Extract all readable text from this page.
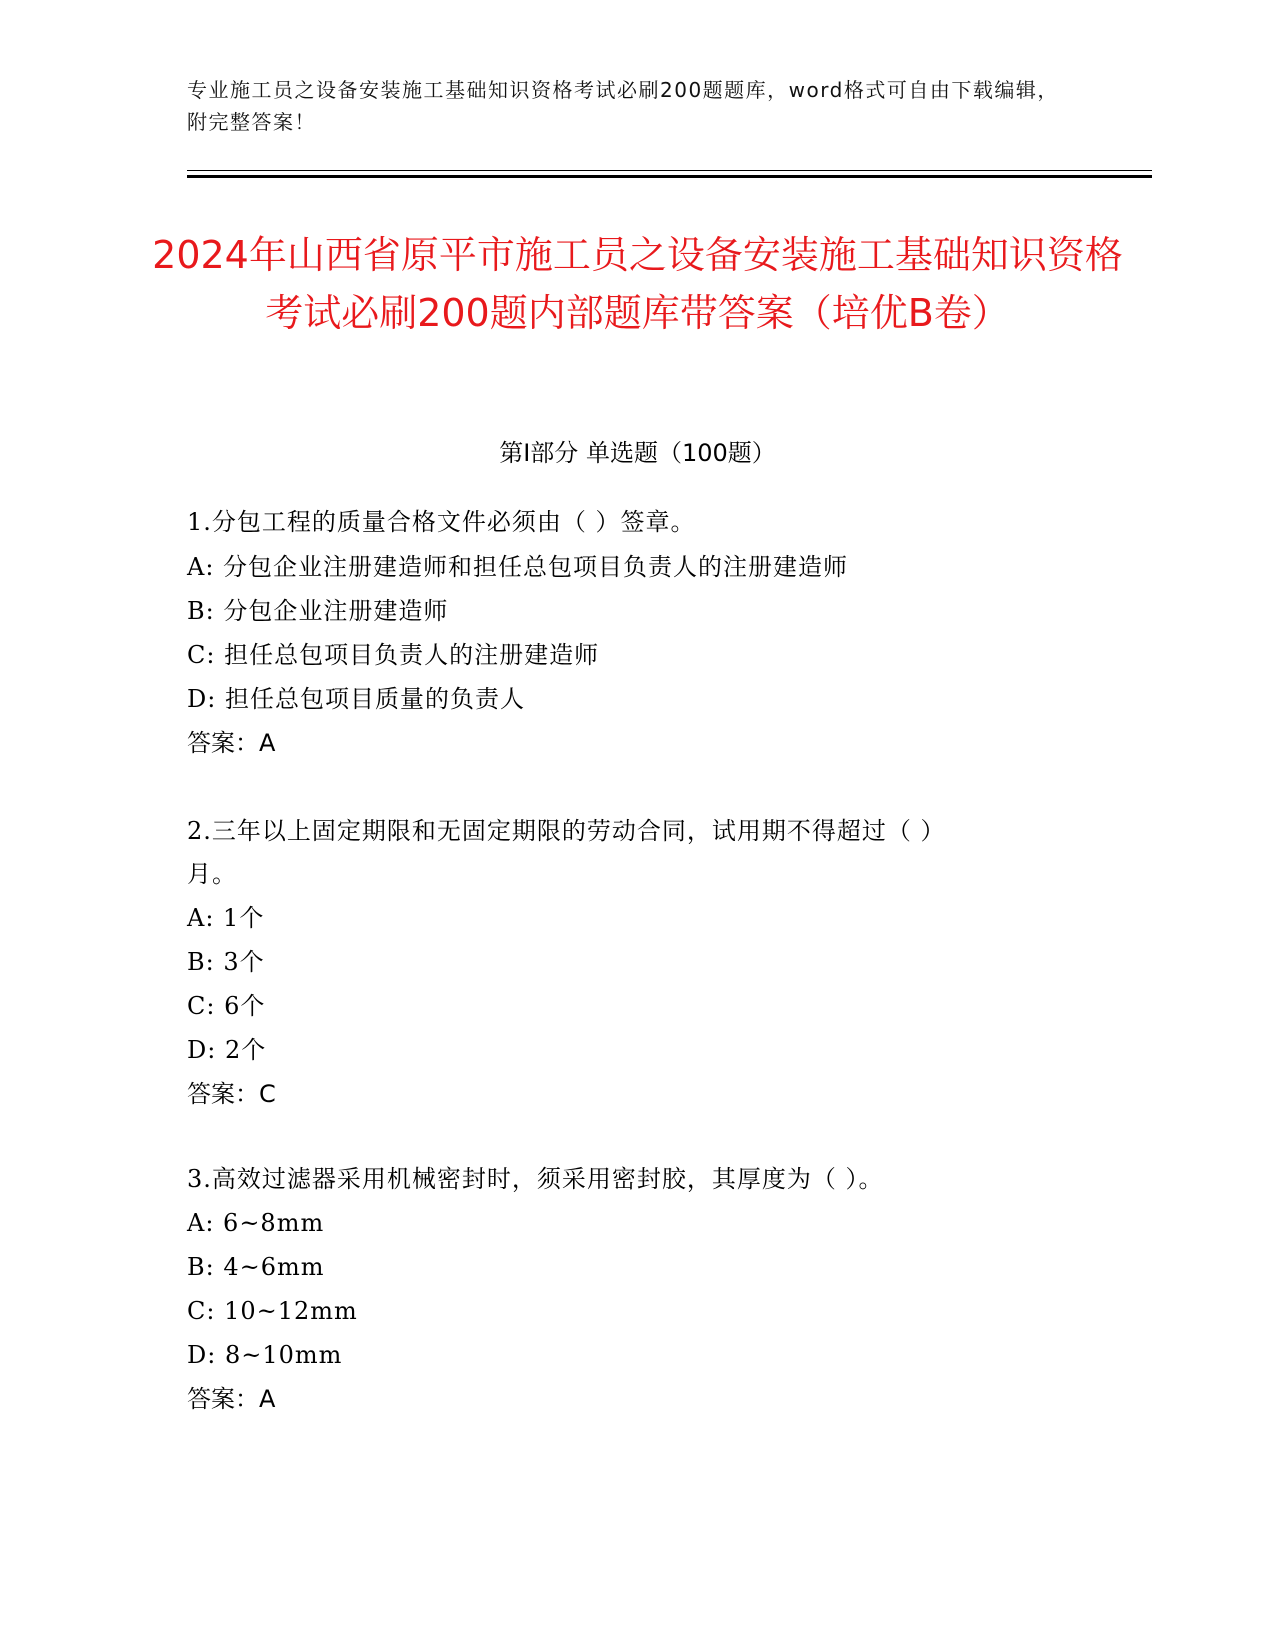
专业施工员之设备安装施工基础知识资格考试必刷200题题库，word格式可自由下载编辑，附完整答案！
2024年山西省原平市施工员之设备安装施工基础知识资格考试必刷200题内部题库带答案（培优B卷）
第I部分 单选题（100题）
1.分包工程的质量合格文件必须由（ ）签章。
A: 分包企业注册建造师和担任总包项目负责人的注册建造师
B: 分包企业注册建造师
C: 担任总包项目负责人的注册建造师
D: 担任总包项目质量的负责人
答案：A
2.三年以上固定期限和无固定期限的劳动合同，试用期不得超过（ ）
月。
A: 1个
B: 3个
C: 6个
D: 2个
答案：C
3.高效过滤器采用机械密封时，须采用密封胶，其厚度为（ ）。
A: 6~8mm
B: 4~6mm
C: 10~12mm
D: 8~10mm
答案：A
